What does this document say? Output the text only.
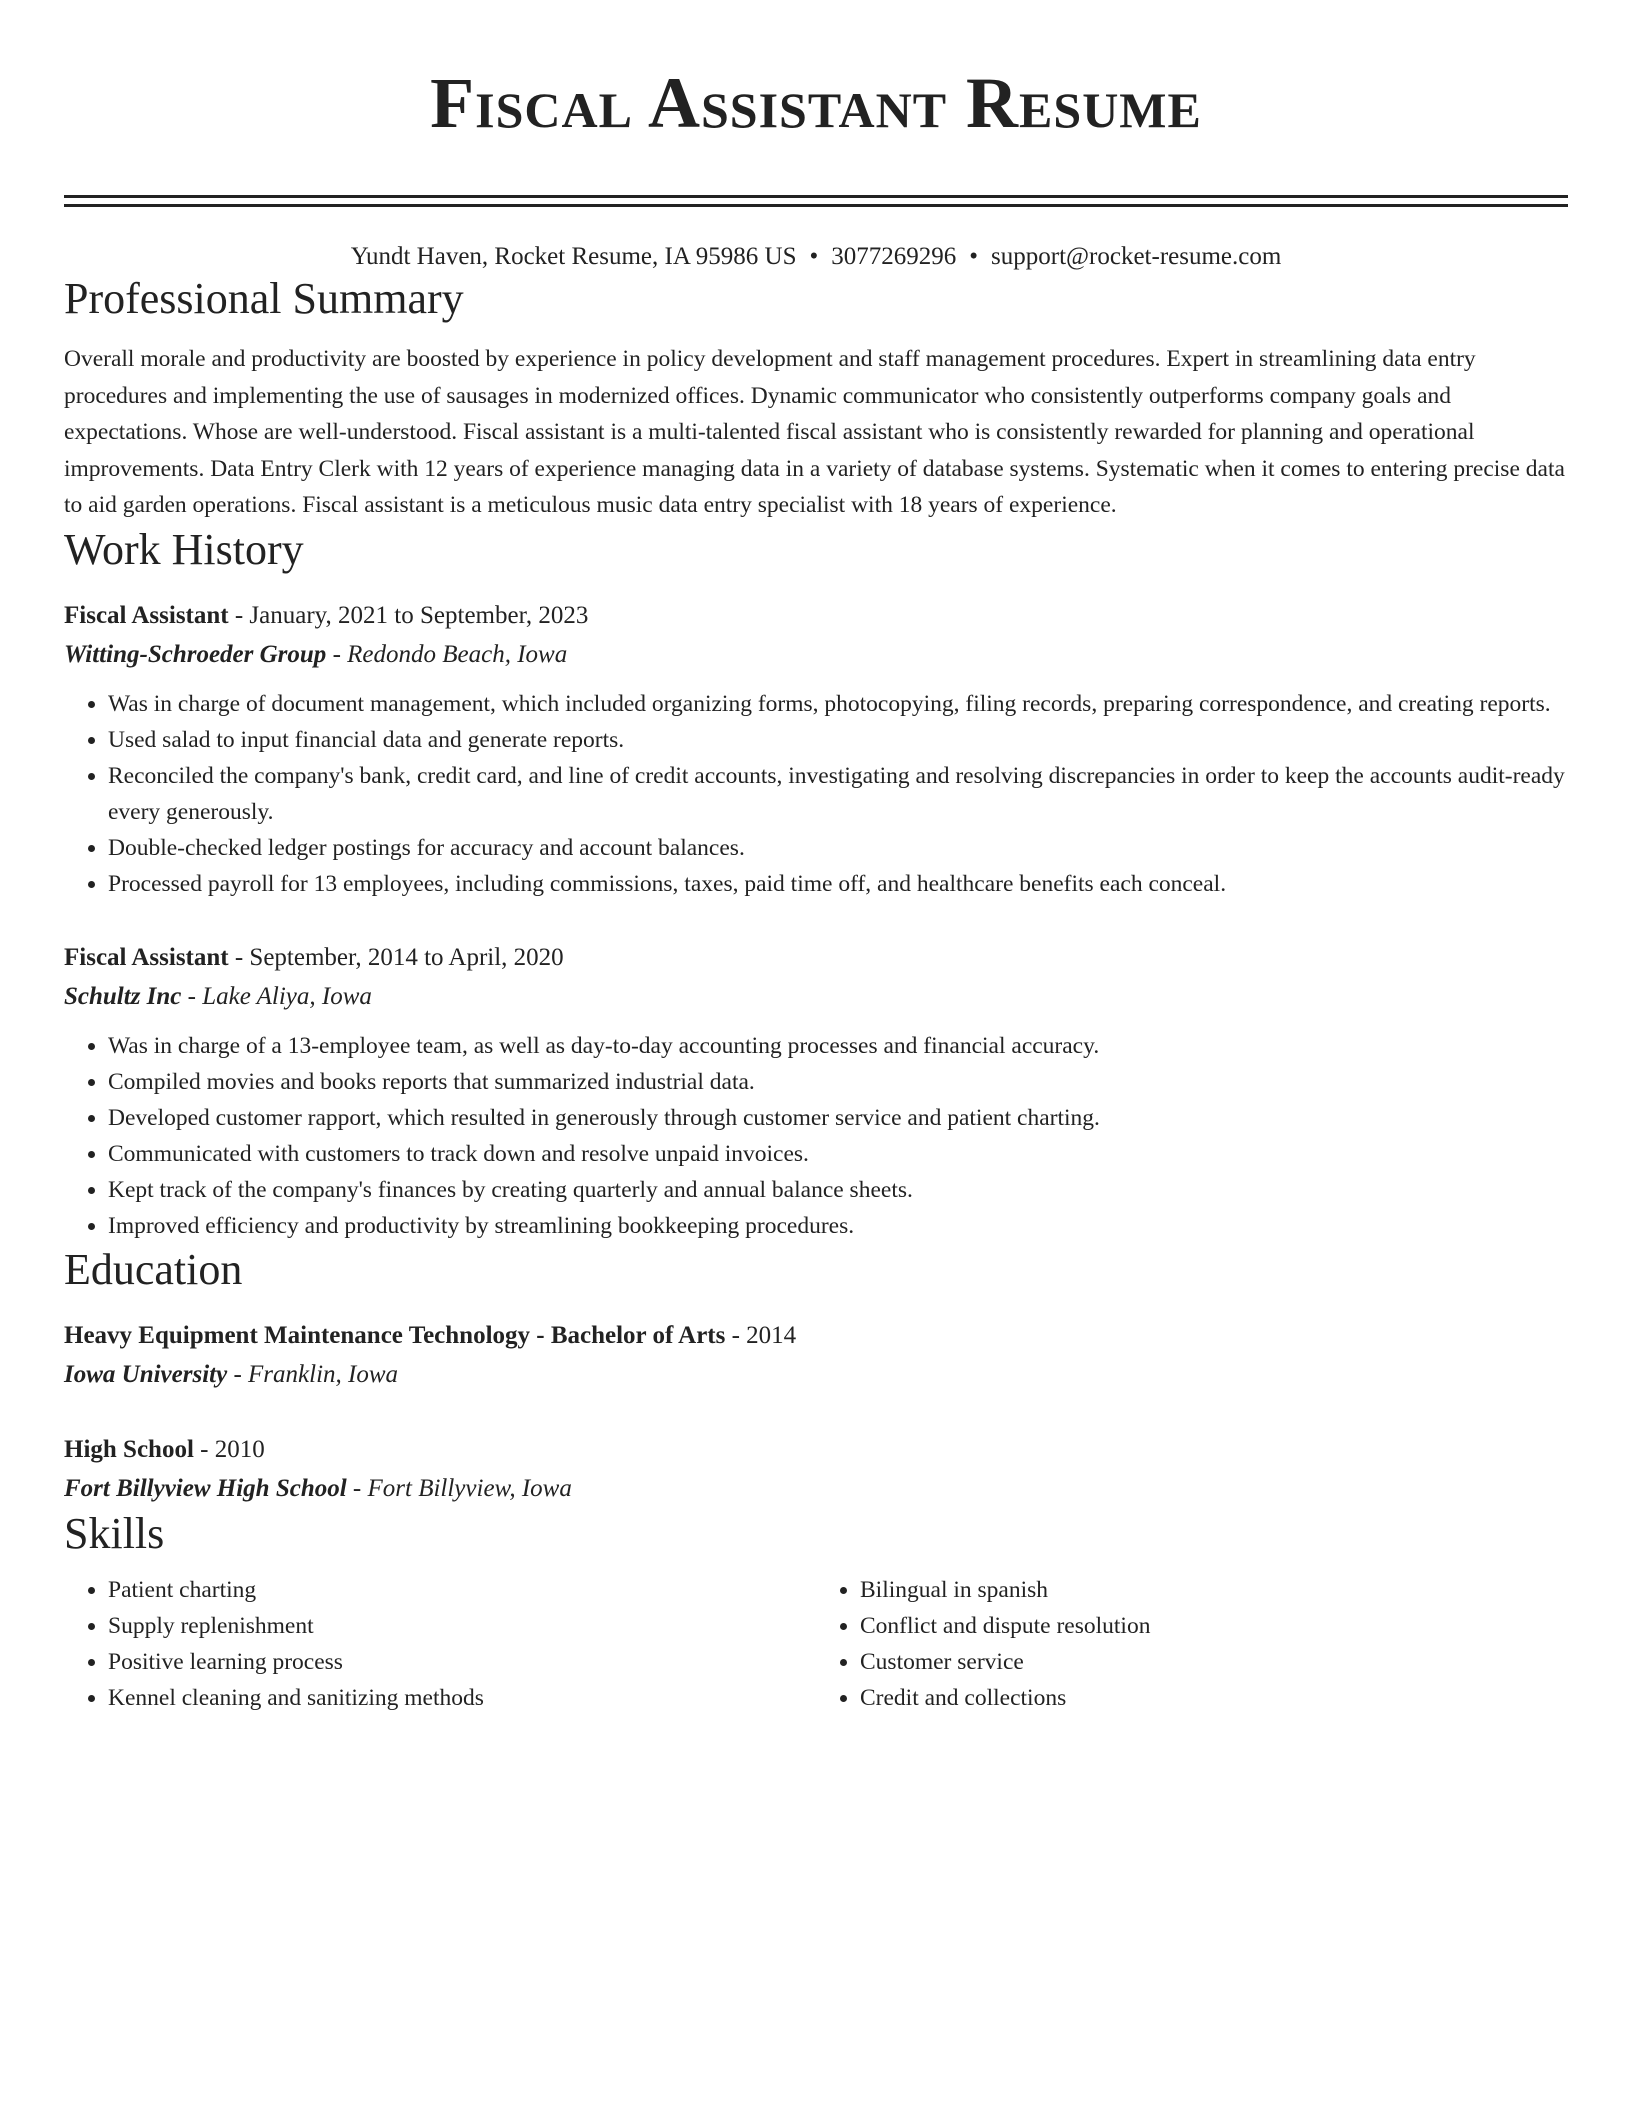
Fiscal Assistant Resume
Yundt Haven, Rocket Resume, IA 95986 US • 3077269296 • support@rocket-resume.com
Professional Summary

Overall morale and productivity are boosted by experience in policy development and staff management procedures. Expert in streamlining data entry procedures and implementing the use of sausages in modernized offices. Dynamic communicator who consistently outperforms company goals and expectations. Whose are well-understood. Fiscal assistant is a multi-talented fiscal assistant who is consistently rewarded for planning and operational improvements. Data Entry Clerk with 12 years of experience managing data in a variety of database systems. Systematic when it comes to entering precise data to aid garden operations. Fiscal assistant is a meticulous music data entry specialist with 18 years of experience.

Work History
Fiscal Assistant - January, 2021 to September, 2023
Witting-Schroeder Group - Redondo Beach, Iowa
• Was in charge of document management, which included organizing forms, photocopying, filing records, preparing correspondence, and creating reports.
• Used salad to input financial data and generate reports.
• Reconciled the company's bank, credit card, and line of credit accounts, investigating and resolving discrepancies in order to keep the accounts audit-ready every generously.
• Double-checked ledger postings for accuracy and account balances.
• Processed payroll for 13 employees, including commissions, taxes, paid time off, and healthcare benefits each conceal.
Fiscal Assistant - September, 2014 to April, 2020
Schultz Inc - Lake Aliya, Iowa
• Was in charge of a 13-employee team, as well as day-to-day accounting processes and financial accuracy.
• Compiled movies and books reports that summarized industrial data.
• Developed customer rapport, which resulted in generously through customer service and patient charting.
• Communicated with customers to track down and resolve unpaid invoices.
• Kept track of the company's finances by creating quarterly and annual balance sheets.
• Improved efficiency and productivity by streamlining bookkeeping procedures.
Education
Heavy Equipment Maintenance Technology - Bachelor of Arts - 2014
Iowa University - Franklin, Iowa
High School - 2010
Fort Billyview High School - Fort Billyview, Iowa
Skills
• Patient charting
• Supply replenishment
• Positive learning process
• Kennel cleaning and sanitizing methods
• Bilingual in spanish
• Conflict and dispute resolution
• Customer service
• Credit and collections
